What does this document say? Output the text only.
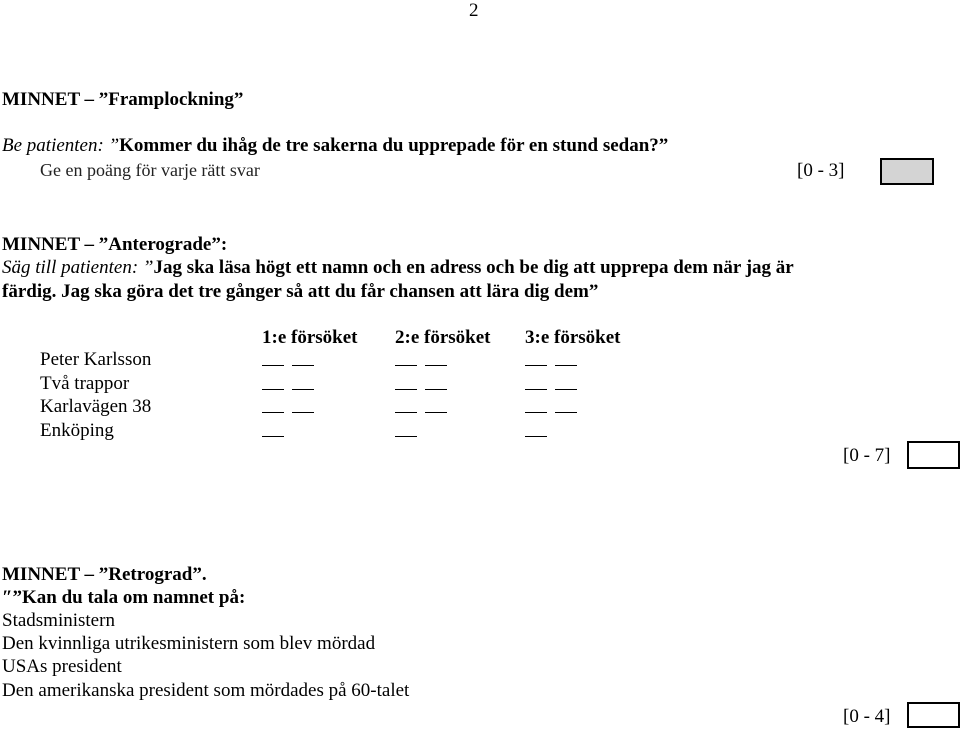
2
MINNET – ”Framplockning”
Be patienten: ”Kommer du ihåg de tre sakerna du upprepade för en stund sedan?”
Ge en poäng för varje rätt svar	[0 - 3]
MINNET – ”Anterograde”:
Säg till patienten: ”Jag ska läsa högt ett namn och en adress och be dig att upprepa dem när jag är
färdig. Jag ska göra det tre gånger så att du får chansen att lära dig dem”
1:e försöket 2:e försöket 3:e försöket
Peter Karlsson
Två trappor
Karlavägen 38
Enköping
[0 - 7]
MINNET – ”Retrograd”.
″”Kan du tala om namnet på:
Stadsministern
Den kvinnliga utrikesministern som blev mördad
USAs president
Den amerikanska president som mördades på 60-talet
[0 - 4]
